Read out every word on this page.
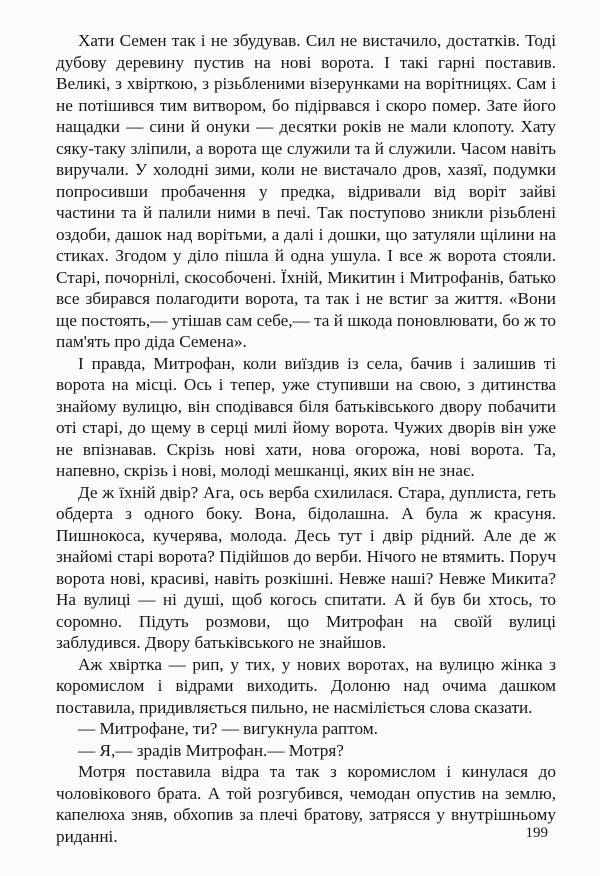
Хати Семен так і не збудував. Сил не вистачило, достатків. Тоді дубову деревину пустив на нові ворота. І такі гарні поставив. Великі, з хвірткою, з різьбленими візерунками на ворітницях. Сам і не потішився тим витвором, бо підірвався і скоро помер. Зате його нащадки — сини й онуки — десятки років не мали клопоту. Хату сяку-таку зліпили, а ворота ще служили та й служили. Часом навіть виручали. У холодні зими, коли не вистачало дров, хазяї, подумки попросивши пробачення у предка, відривали від воріт зайві частини та й палили ними в печі. Так поступово зникли різьблені оздоби, дашок над ворітьми, а далі і дошки, що затуляли щілини на стиках. Згодом у діло пішла й одна ушула. І все ж ворота стояли. Старі, почорнілі, скособочені. Їхній, Микитин і Митрофанів, батько все збирався полагодити ворота, та так і не встиг за життя. «Вони ще постоять,— утішав сам себе,— та й шкода поновлювати, бо ж то пам'ять про діда Семена».

І правда, Митрофан, коли виїздив із села, бачив і залишив ті ворота на місці. Ось і тепер, уже ступивши на свою, з дитинства знайому вулицю, він сподівався біля батьківського двору побачити оті старі, до щему в серці милі йому ворота. Чужих дворів він уже не впізнавав. Скрізь нові хати, нова огорожа, нові ворота. Та, напевно, скрізь і нові, молоді мешканці, яких він не знає.

Де ж їхній двір? Ага, ось верба схилилася. Стара, дуплиста, геть обдерта з одного боку. Вона, бідолашна. А була ж красуня. Пишнокоса, кучерява, молода. Десь тут і двір рідний. Але де ж знайомі старі ворота? Підійшов до верби. Нічого не втямить. Поруч ворота нові, красиві, навіть розкішні. Невже наші? Невже Микита? На вулиці — ні душі, щоб когось спитати. А й був би хтось, то соромно. Підуть розмови, що Митрофан на своїй вулиці заблудився. Двору батьківського не знайшов.

Аж хвіртка — рип, у тих, у нових воротах, на вулицю жінка з коромислом і відрами виходить. Долоню над очима дашком поставила, придивляється пильно, не насміліється слова сказати.

— Митрофане, ти? — вигукнула раптом.

— Я,— зрадів Митрофан.— Мотря?

Мотря поставила відра та так з коромислом і кинулася до чоловікового брата. А той розгубився, чемодан опустив на землю, капелюха зняв, обхопив за плечі братову, затрясся у внутрішньому риданні.	199
